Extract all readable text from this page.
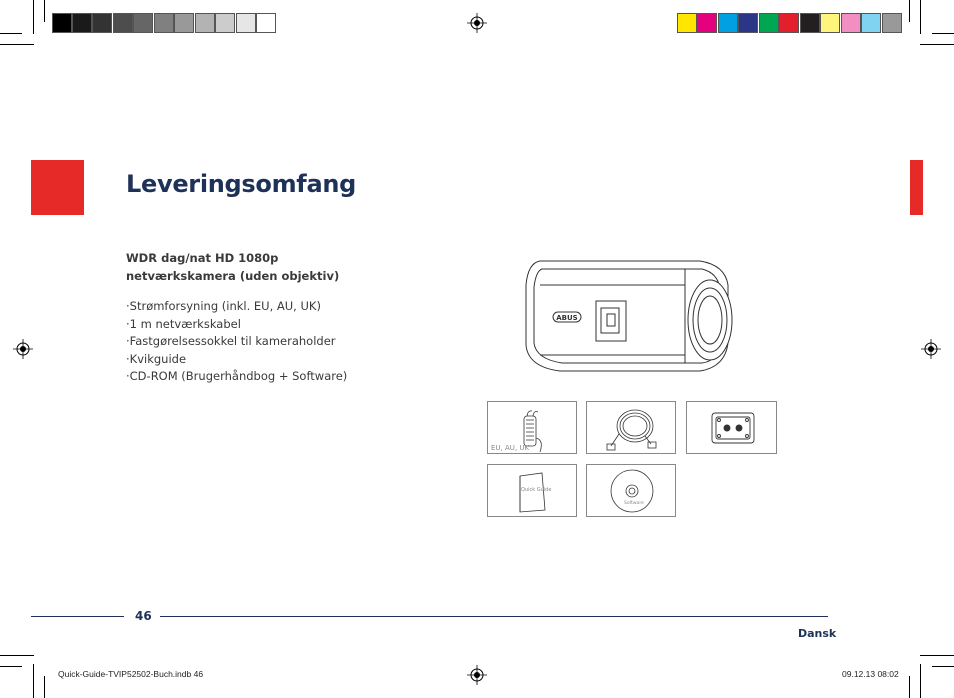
Leveringsomfang
WDR dag/nat HD 1080p
netværkskamera (uden objektiv)
· Strømforsyning (inkl. EU, AU, UK)
· 1 m netværkskabel
· Fastgørelsessokkel til kameraholder
· Kvikguide
· CD-ROM (Brugerhåndbog + Software)
ABUS
EU, AU, UK
Quick Guide
Software
46
Dansk
Quick-Guide-TVIP52502-Buch.indb 46	09.12.13 08:02
